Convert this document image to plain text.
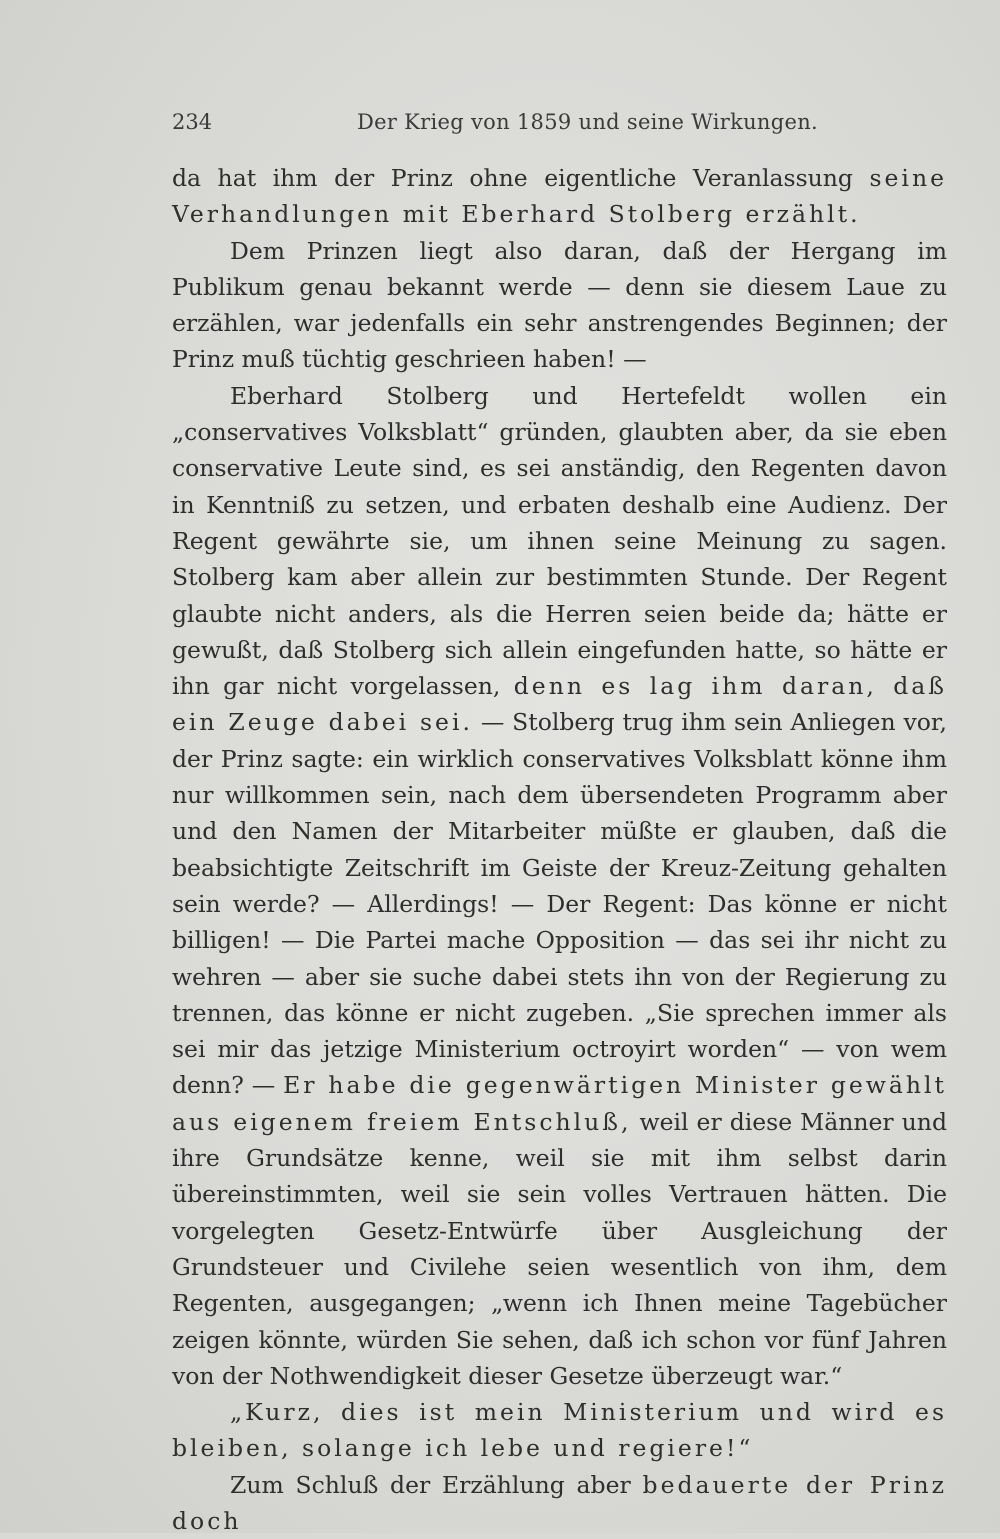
234	Der Krieg von 1859 und seine Wirkungen.

da hat ihm der Prinz ohne eigentliche Veranlassung seine Verhandlungen mit Eberhard Stolberg erzählt.

Dem Prinzen liegt also daran, daß der Hergang im Publikum genau bekannt werde — denn sie diesem Laue zu erzählen, war jedenfalls ein sehr anstrengendes Beginnen; der Prinz muß tüchtig geschrieen haben! —

Eberhard Stolberg und Hertefeldt wollen ein „conservatives Volksblatt“ gründen, glaubten aber, da sie eben conservative Leute sind, es sei anständig, den Regenten davon in Kenntniß zu setzen, und erbaten deshalb eine Audienz. Der Regent gewährte sie, um ihnen seine Meinung zu sagen. Stolberg kam aber allein zur bestimmten Stunde. Der Regent glaubte nicht anders, als die Herren seien beide da; hätte er gewußt, daß Stolberg sich allein eingefunden hatte, so hätte er ihn gar nicht vorgelassen, denn es lag ihm daran, daß ein Zeuge dabei sei. — Stolberg trug ihm sein Anliegen vor, der Prinz sagte: ein wirklich conservatives Volksblatt könne ihm nur willkommen sein, nach dem übersendeten Programm aber und den Namen der Mitarbeiter müßte er glauben, daß die beabsichtigte Zeitschrift im Geiste der Kreuz-Zeitung gehalten sein werde? — Allerdings! — Der Regent: Das könne er nicht billigen! — Die Partei mache Opposition — das sei ihr nicht zu wehren — aber sie suche dabei stets ihn von der Regierung zu trennen, das könne er nicht zugeben. „Sie sprechen immer als sei mir das jetzige Ministerium octroyirt worden“ — von wem denn? — Er habe die gegenwärtigen Minister gewählt aus eigenem freiem Entschluß, weil er diese Männer und ihre Grundsätze kenne, weil sie mit ihm selbst darin übereinstimmten, weil sie sein volles Vertrauen hätten. Die vorgelegten Gesetz-Entwürfe über Ausgleichung der Grundsteuer und Civilehe seien wesentlich von ihm, dem Regenten, ausgegangen; „wenn ich Ihnen meine Tagebücher zeigen könnte, würden Sie sehen, daß ich schon vor fünf Jahren von der Nothwendigkeit dieser Gesetze überzeugt war.“

„Kurz, dies ist mein Ministerium und wird es bleiben, solange ich lebe und regiere!“

Zum Schluß der Erzählung aber bedauerte der Prinz doch
